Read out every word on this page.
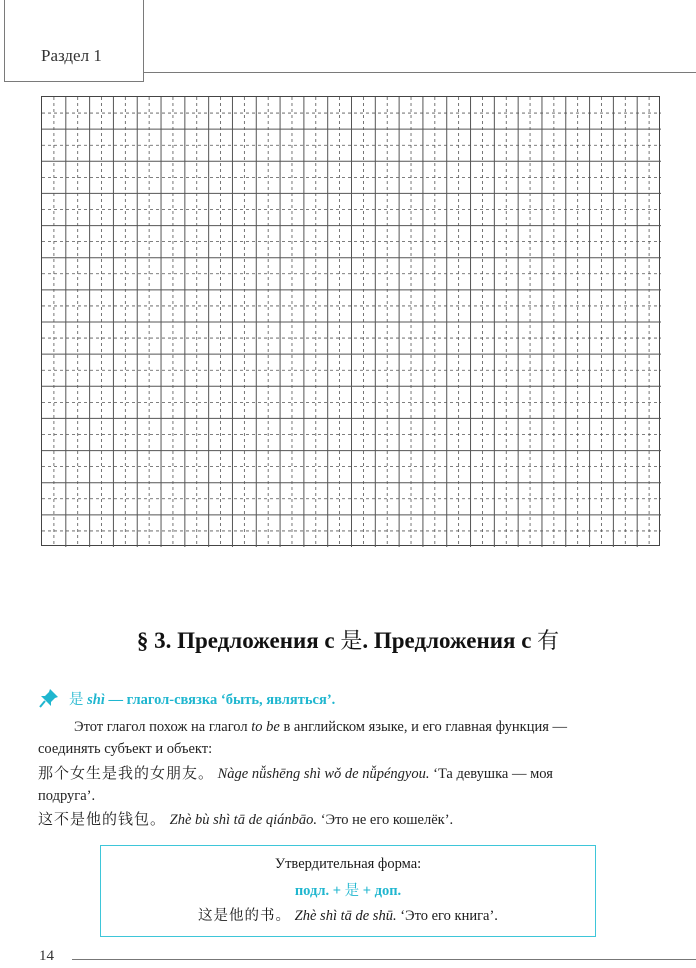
Раздел 1
§ 3. Предложения с 是. Предложения с 有
是 shì — глагол-связка ‘быть, являться’.
Этот глагол похож на глагол to be в английском языке, и его главная функция —
соединять субъект и объект:
那个女生是我的女朋友。 Nàge nǚshēng shì wǒ de nǚpéngyou. ‘Та девушка — моя
подруга’.
这不是他的钱包。 Zhè bù shì tā de qiánbāo. ‘Это не его кошелёк’.
Утвердительная форма:
подл. + 是 + доп.
这是他的书。 Zhè shì tā de shū. ‘Это его книга’.
14
